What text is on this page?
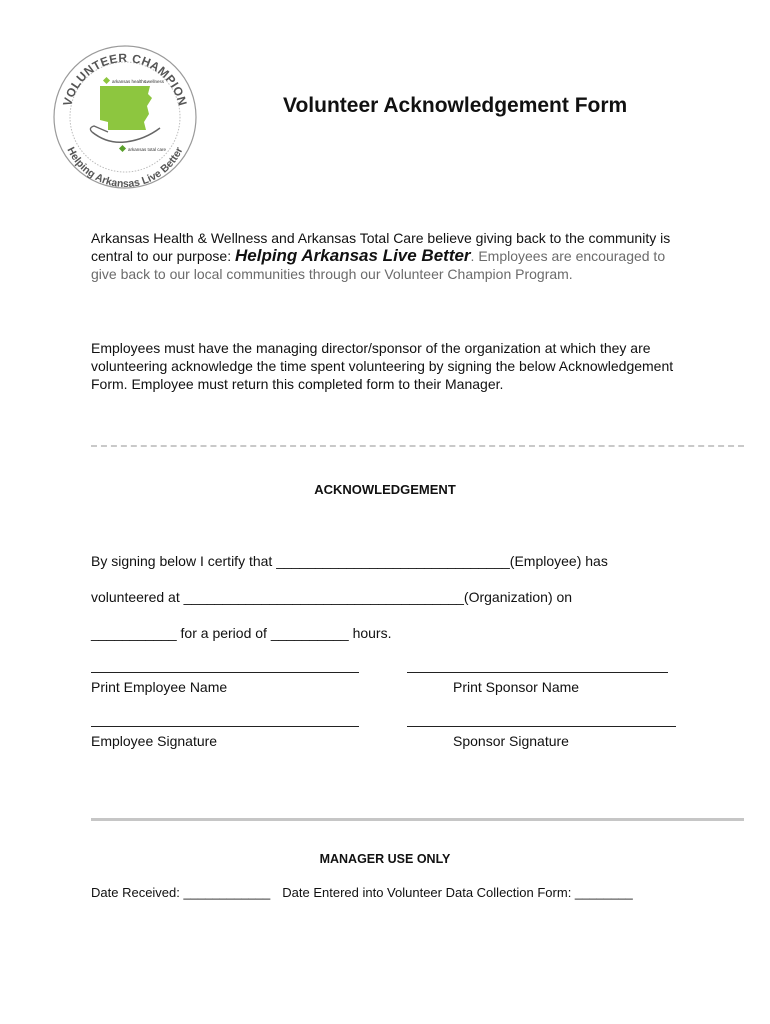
VOLUNTEER CHAMPION
Helping Arkansas Live Better
arkansas health&wellness
arkansas total care
Volunteer Acknowledgement Form
Arkansas Health & Wellness and Arkansas Total Care believe giving back to the community is central to our purpose: Helping Arkansas Live Better. Employees are encouraged to give back to our local communities through our Volunteer Champion Program.
Employees must have the managing director/sponsor of the organization at which they are volunteering acknowledge the time spent volunteering by signing the below Acknowledgement Form. Employee must return this completed form to their Manager.
ACKNOWLEDGEMENT
By signing below I certify that ______________________________(Employee) has
volunteered at ____________________________________(Organization) on
___________ for a period of __________ hours.
Print Employee Name	Print Sponsor Name
Employee Signature	Sponsor Signature
MANAGER USE ONLY
Date Received: ____________ Date Entered into Volunteer Data Collection Form: ________
